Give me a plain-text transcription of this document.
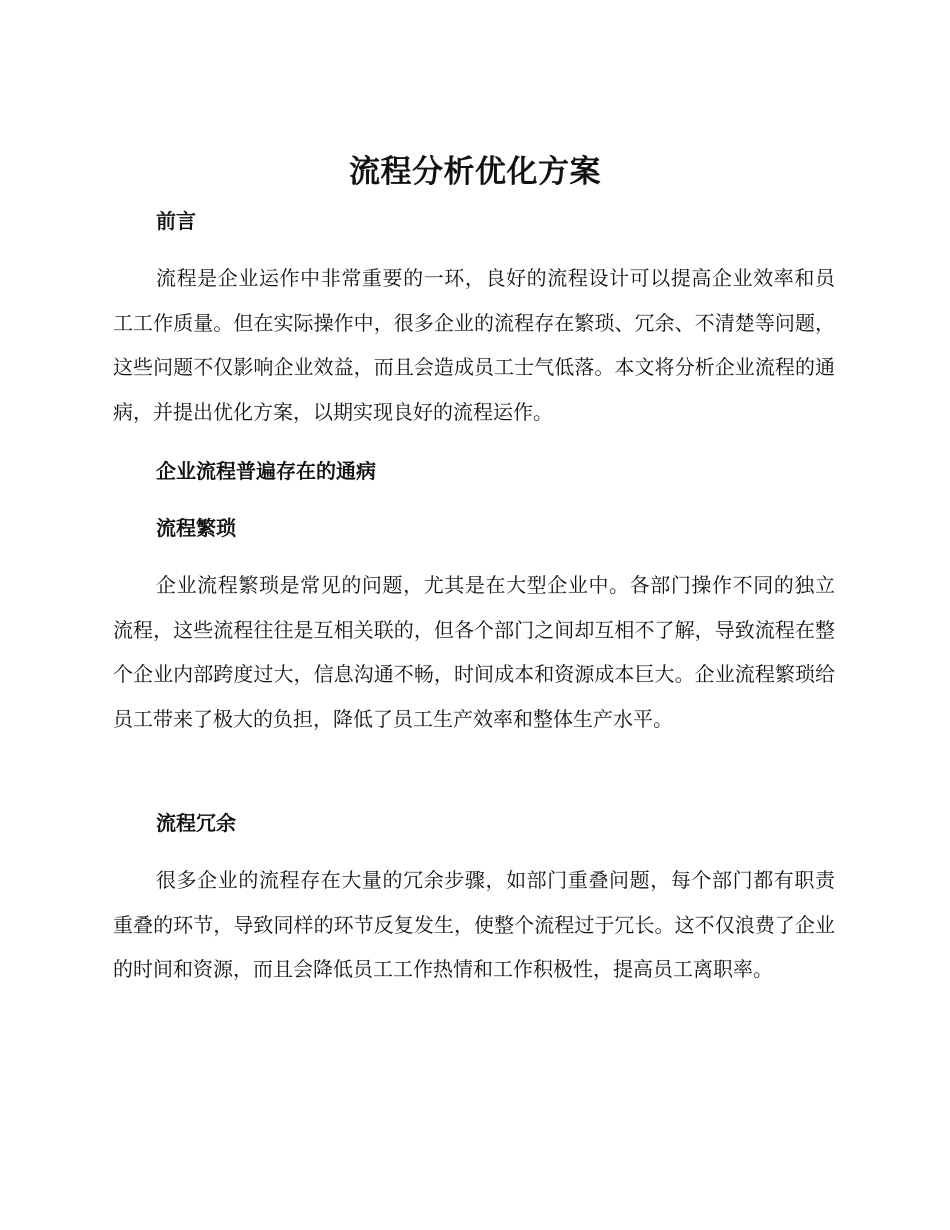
流程分析优化方案
前言

流程是企业运作中非常重要的一环，良好的流程设计可以提高企业效率和员工工作质量。但在实际操作中，很多企业的流程存在繁琐、冗余、不清楚等问题，这些问题不仅影响企业效益，而且会造成员工士气低落。本文将分析企业流程的通病，并提出优化方案，以期实现良好的流程运作。

企业流程普遍存在的通病
流程繁琐

企业流程繁琐是常见的问题，尤其是在大型企业中。各部门操作不同的独立流程，这些流程往往是互相关联的，但各个部门之间却互相不了解，导致流程在整个企业内部跨度过大，信息沟通不畅，时间成本和资源成本巨大。企业流程繁琐给员工带来了极大的负担，降低了员工生产效率和整体生产水平。

流程冗余

很多企业的流程存在大量的冗余步骤，如部门重叠问题，每个部门都有职责重叠的环节，导致同样的环节反复发生，使整个流程过于冗长。这不仅浪费了企业的时间和资源，而且会降低员工工作热情和工作积极性，提高员工离职率。
